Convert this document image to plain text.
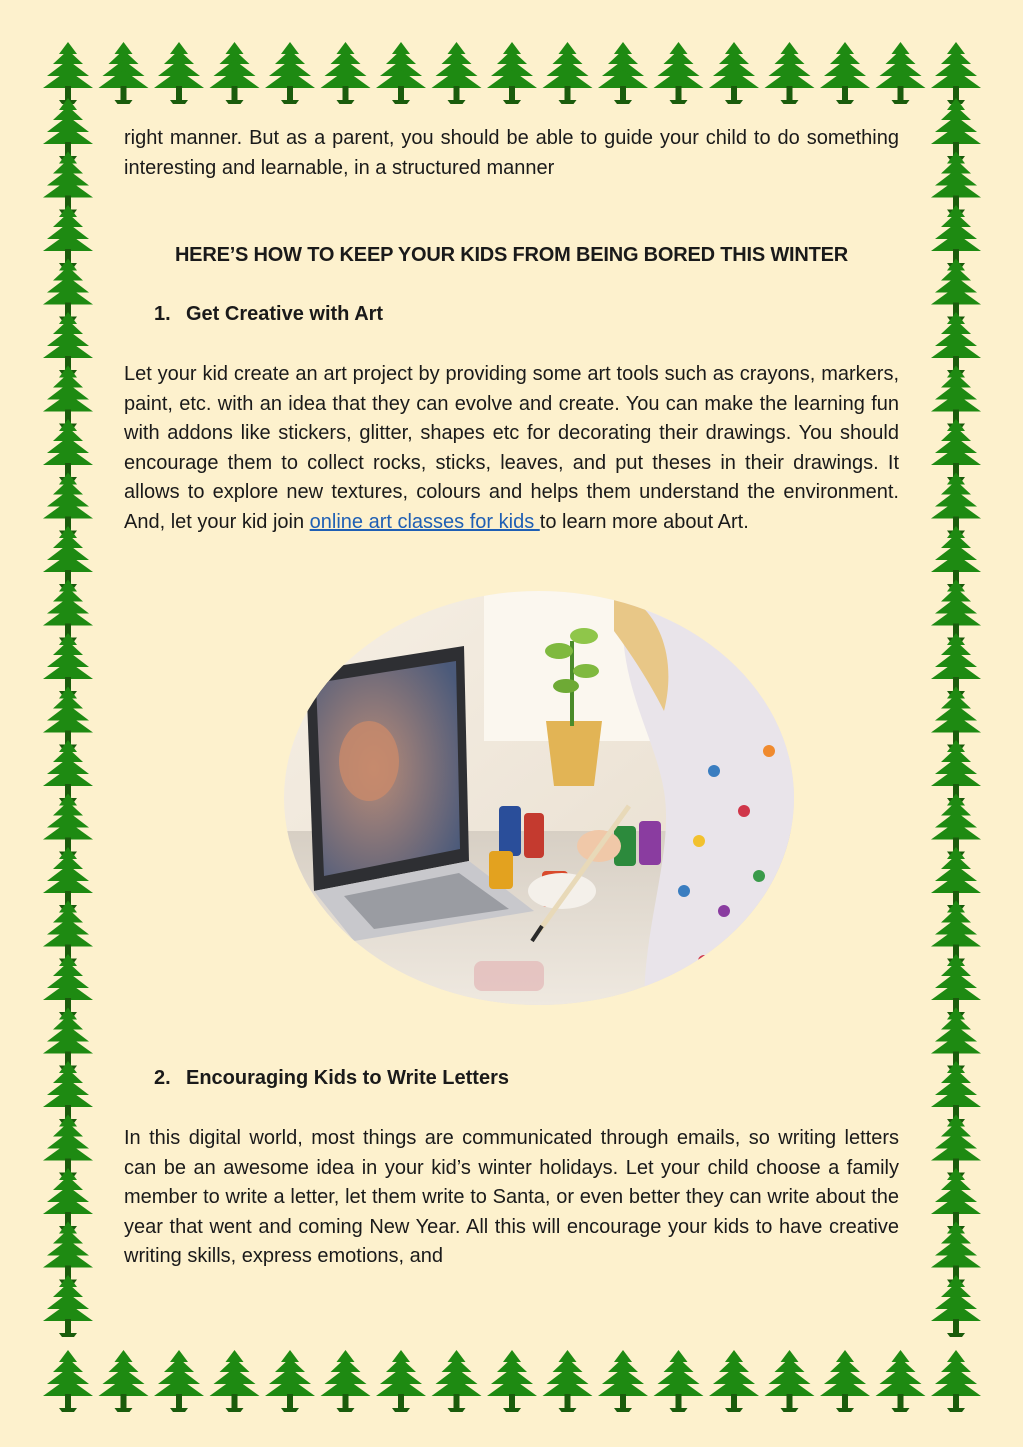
right manner. But as a parent, you should be able to guide your child to do something interesting and learnable, in a structured manner

HERE’S HOW TO KEEP YOUR KIDS FROM BEING BORED THIS WINTER
1. Get Creative with Art

Let your kid create an art project by providing some art tools such as crayons, markers, paint, etc. with an idea that they can evolve and create. You can make the learning fun with addons like stickers, glitter, shapes etc for decorating their drawings. You should encourage them to collect rocks, sticks, leaves, and put theses in their drawings. It allows to explore new textures, colours and helps them understand the environment. And, let your kid join online art classes for kids to learn more about Art.

2. Encouraging Kids to Write Letters

In this digital world, most things are communicated through emails, so writing letters can be an awesome idea in your kid’s winter holidays. Let your child choose a family member to write a letter, let them write to Santa, or even better they can write about the year that went and coming New Year. All this will encourage your kids to have creative writing skills, express emotions, and
